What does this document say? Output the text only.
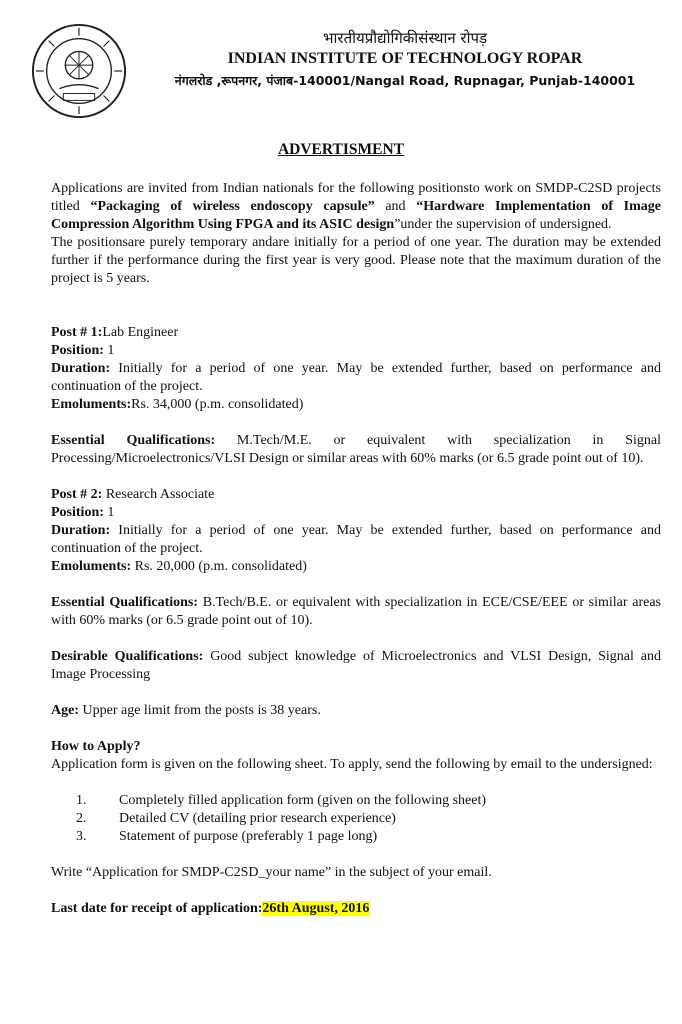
भारतीयप्रौद्योगिकीसंस्थान रोपड़
INDIAN INSTITUTE OF TECHNOLOGY ROPAR
नंगलरोड ,रूपनगर, पंजाब-140001/Nangal Road, Rupnagar, Punjab-140001
ADVERTISMENT

Applications are invited from Indian nationals for the following positionsto work on SMDP-C2SD projects titled “Packaging of wireless endoscopy capsule” and “Hardware Implementation of Image Compression Algorithm Using FPGA and its ASIC design”under the supervision of undersigned.

The positionsare purely temporary andare initially for a period of one year. The duration may be extended further if the performance during the first year is very good. Please note that the maximum duration of the project is 5 years.

Post # 1:Lab Engineer

Position: 1

Duration: Initially for a period of one year. May be extended further, based on performance and continuation of the project.

Emoluments:Rs. 34,000 (p.m. consolidated)

Essential Qualifications: M.Tech/M.E. or equivalent with specialization in Signal Processing/Microelectronics/VLSI Design or similar areas with 60% marks (or 6.5 grade point out of 10).

Post # 2: Research Associate

Position: 1

Duration: Initially for a period of one year. May be extended further, based on performance and continuation of the project.

Emoluments: Rs. 20,000 (p.m. consolidated)

Essential Qualifications: B.Tech/B.E. or equivalent with specialization in ECE/CSE/EEE or similar areas with 60% marks (or 6.5 grade point out of 10).

Desirable Qualifications: Good subject knowledge of Microelectronics and VLSI Design, Signal and Image Processing

Age: Upper age limit from the posts is 38 years.

How to Apply?

Application form is given on the following sheet. To apply, send the following by email to the undersigned:

1. Completely filled application form (given on the following sheet)
2. Detailed CV (detailing prior research experience)
3. Statement of purpose (preferably 1 page long)

Write “Application for SMDP-C2SD_your name” in the subject of your email.

Last date for receipt of application:26th August, 2016
